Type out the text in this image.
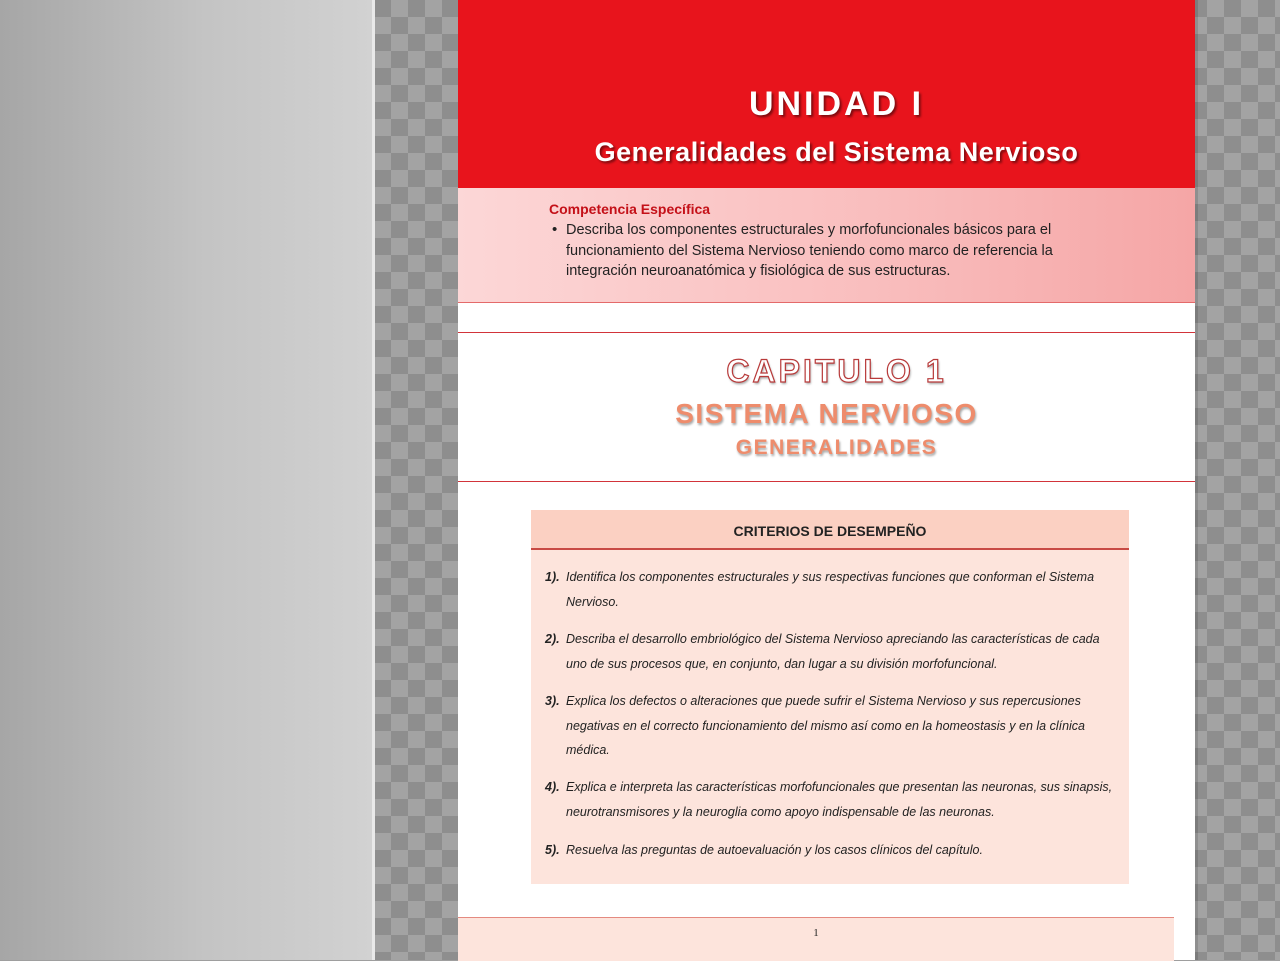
UNIDAD I
Generalidades del Sistema Nervioso
Competencia Específica
• Describa los componentes estructurales y morfofuncionales básicos para el funcionamiento del Sistema Nervioso teniendo como marco de referencia la integración neuroanatómica y fisiológica de sus estructuras.
CAPITULO 1
SISTEMA NERVIOSO
GENERALIDADES
CRITERIOS DE DESEMPEÑO
1). Identifica los componentes estructurales y sus respectivas funciones que conforman el Sistema Nervioso.
2). Describa el desarrollo embriológico del Sistema Nervioso apreciando las características de cada uno de sus procesos que, en conjunto, dan lugar a su división morfofuncional.
3). Explica los defectos o alteraciones que puede sufrir el Sistema Nervioso y sus repercusiones negativas en el correcto funcionamiento del mismo así como en la homeostasis y en la clínica médica.
4). Explica e interpreta las características morfofuncionales que presentan las neuronas, sus sinapsis, neurotransmisores y la neuroglia como apoyo indispensable de las neuronas.
5). Resuelva las preguntas de autoevaluación y los casos clínicos del capítulo.
1
